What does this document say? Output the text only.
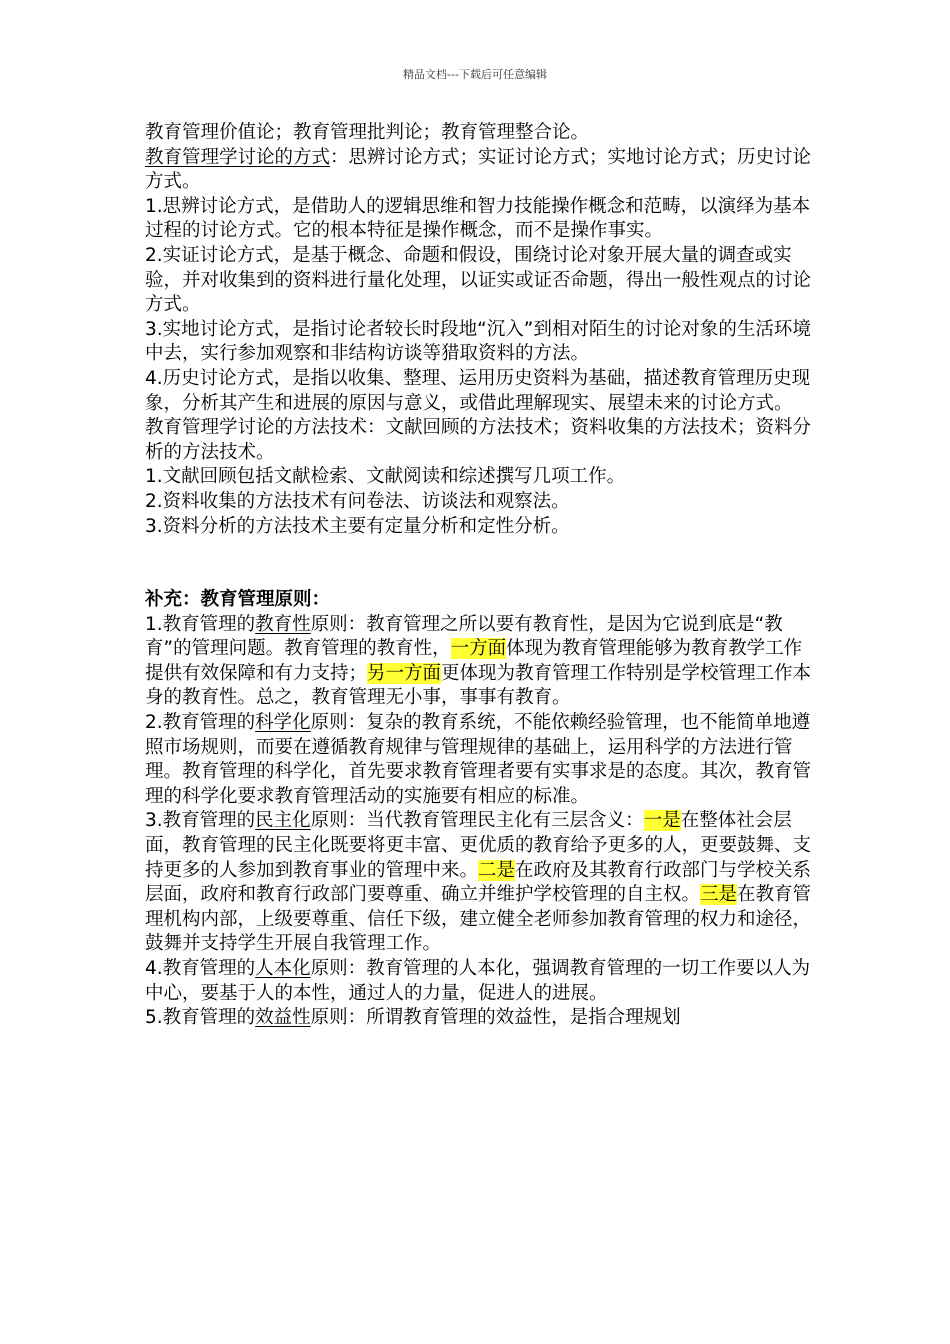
精品文档---下载后可任意编辑

教育管理价值论；教育管理批判论；教育管理整合论。

教育管理学讨论的方式：思辨讨论方式；实证讨论方式；实地讨论方式；历史讨论方式。

1.思辨讨论方式，是借助人的逻辑思维和智力技能操作概念和范畴，以演绎为基本过程的讨论方式。它的根本特征是操作概念，而不是操作事实。

2.实证讨论方式，是基于概念、命题和假设，围绕讨论对象开展大量的调查或实验，并对收集到的资料进行量化处理，以证实或证否命题，得出一般性观点的讨论方式。

3.实地讨论方式，是指讨论者较长时段地“沉入”到相对陌生的讨论对象的生活环境中去，实行参加观察和非结构访谈等猎取资料的方法。

4.历史讨论方式，是指以收集、整理、运用历史资料为基础，描述教育管理历史现象，分析其产生和进展的原因与意义，或借此理解现实、展望未来的讨论方式。

教育管理学讨论的方法技术：文献回顾的方法技术；资料收集的方法技术；资料分析的方法技术。

1.文献回顾包括文献检索、文献阅读和综述撰写几项工作。

2.资料收集的方法技术有问卷法、访谈法和观察法。

3.资料分析的方法技术主要有定量分析和定性分析。

补充：教育管理原则：

1.教育管理的教育性原则：教育管理之所以要有教育性，是因为它说到底是“教育”的管理问题。教育管理的教育性，一方面体现为教育管理能够为教育教学工作提供有效保障和有力支持；另一方面更体现为教育管理工作特别是学校管理工作本身的教育性。总之，教育管理无小事，事事有教育。

2.教育管理的科学化原则：复杂的教育系统，不能依赖经验管理，也不能简单地遵照市场规则，而要在遵循教育规律与管理规律的基础上，运用科学的方法进行管理。教育管理的科学化，首先要求教育管理者要有实事求是的态度。其次，教育管理的科学化要求教育管理活动的实施要有相应的标准。

3.教育管理的民主化原则：当代教育管理民主化有三层含义：一是在整体社会层面，教育管理的民主化既要将更丰富、更优质的教育给予更多的人，更要鼓舞、支持更多的人参加到教育事业的管理中来。二是在政府及其教育行政部门与学校关系层面，政府和教育行政部门要尊重、确立并维护学校管理的自主权。三是在教育管理机构内部，上级要尊重、信任下级，建立健全老师参加教育管理的权力和途径，鼓舞并支持学生开展自我管理工作。

4.教育管理的人本化原则：教育管理的人本化，强调教育管理的一切工作要以人为中心，要基于人的本性，通过人的力量，促进人的进展。

5.教育管理的效益性原则：所谓教育管理的效益性，是指合理规划
